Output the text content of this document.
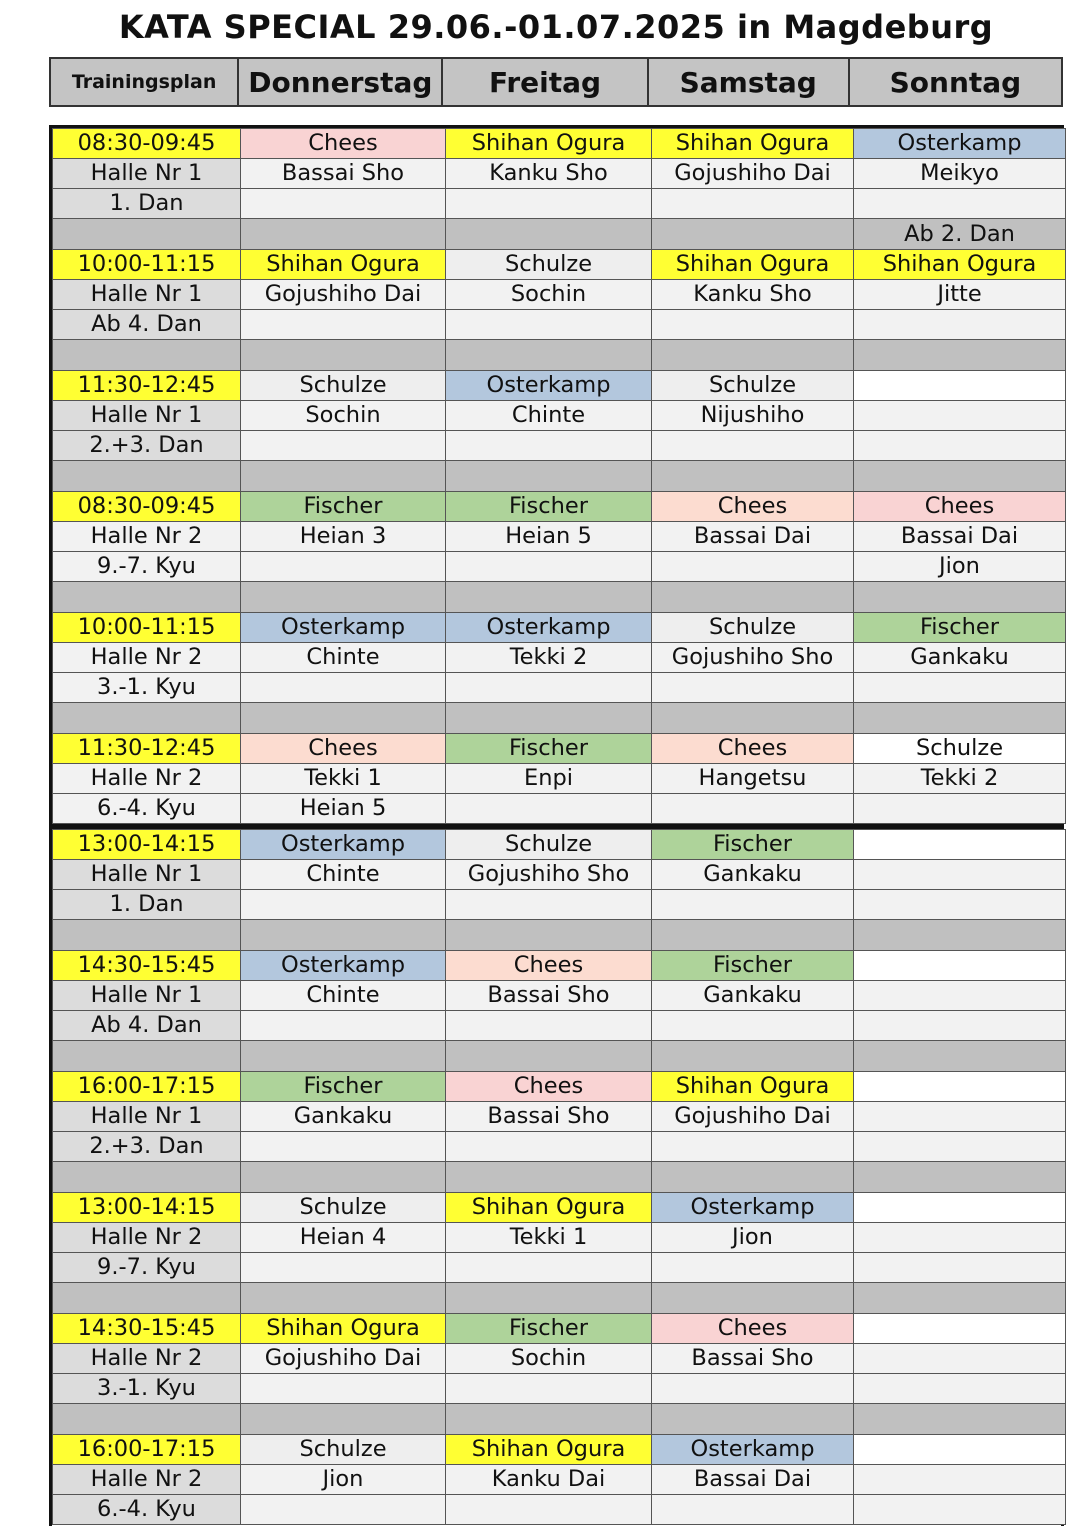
KATA SPECIAL 29.06.-01.07.2025 in Magdeburg
Trainingsplan	Donnerstag	Freitag	Samstag	Sonntag
08:30-09:45	Chees	Shihan Ogura	Shihan Ogura	Osterkamp
Halle Nr 1	Bassai Sho	Kanku Sho	Gojushiho Dai	Meikyo
1. Dan				
				Ab 2. Dan
10:00-11:15	Shihan Ogura	Schulze	Shihan Ogura	Shihan Ogura
Halle Nr 1	Gojushiho Dai	Sochin	Kanku Sho	Jitte
Ab 4. Dan				

11:30-12:45	Schulze	Osterkamp	Schulze	
Halle Nr 1	Sochin	Chinte	Nijushiho	
2.+3. Dan				

08:30-09:45	Fischer	Fischer	Chees	Chees
Halle Nr 2	Heian 3	Heian 5	Bassai Dai	Bassai Dai
9.-7. Kyu				Jion

10:00-11:15	Osterkamp	Osterkamp	Schulze	Fischer
Halle Nr 2	Chinte	Tekki 2	Gojushiho Sho	Gankaku
3.-1. Kyu				

11:30-12:45	Chees	Fischer	Chees	Schulze
Halle Nr 2	Tekki 1	Enpi	Hangetsu	Tekki 2
6.-4. Kyu	Heian 5			
13:00-14:15	Osterkamp	Schulze	Fischer	
Halle Nr 1	Chinte	Gojushiho Sho	Gankaku	
1. Dan				

14:30-15:45	Osterkamp	Chees	Fischer	
Halle Nr 1	Chinte	Bassai Sho	Gankaku	
Ab 4. Dan				

16:00-17:15	Fischer	Chees	Shihan Ogura	
Halle Nr 1	Gankaku	Bassai Sho	Gojushiho Dai	
2.+3. Dan				

13:00-14:15	Schulze	Shihan Ogura	Osterkamp	
Halle Nr 2	Heian 4	Tekki 1	Jion	
9.-7. Kyu				

14:30-15:45	Shihan Ogura	Fischer	Chees	
Halle Nr 2	Gojushiho Dai	Sochin	Bassai Sho	
3.-1. Kyu				

16:00-17:15	Schulze	Shihan Ogura	Osterkamp	
Halle Nr 2	Jion	Kanku Dai	Bassai Dai	
6.-4. Kyu				
